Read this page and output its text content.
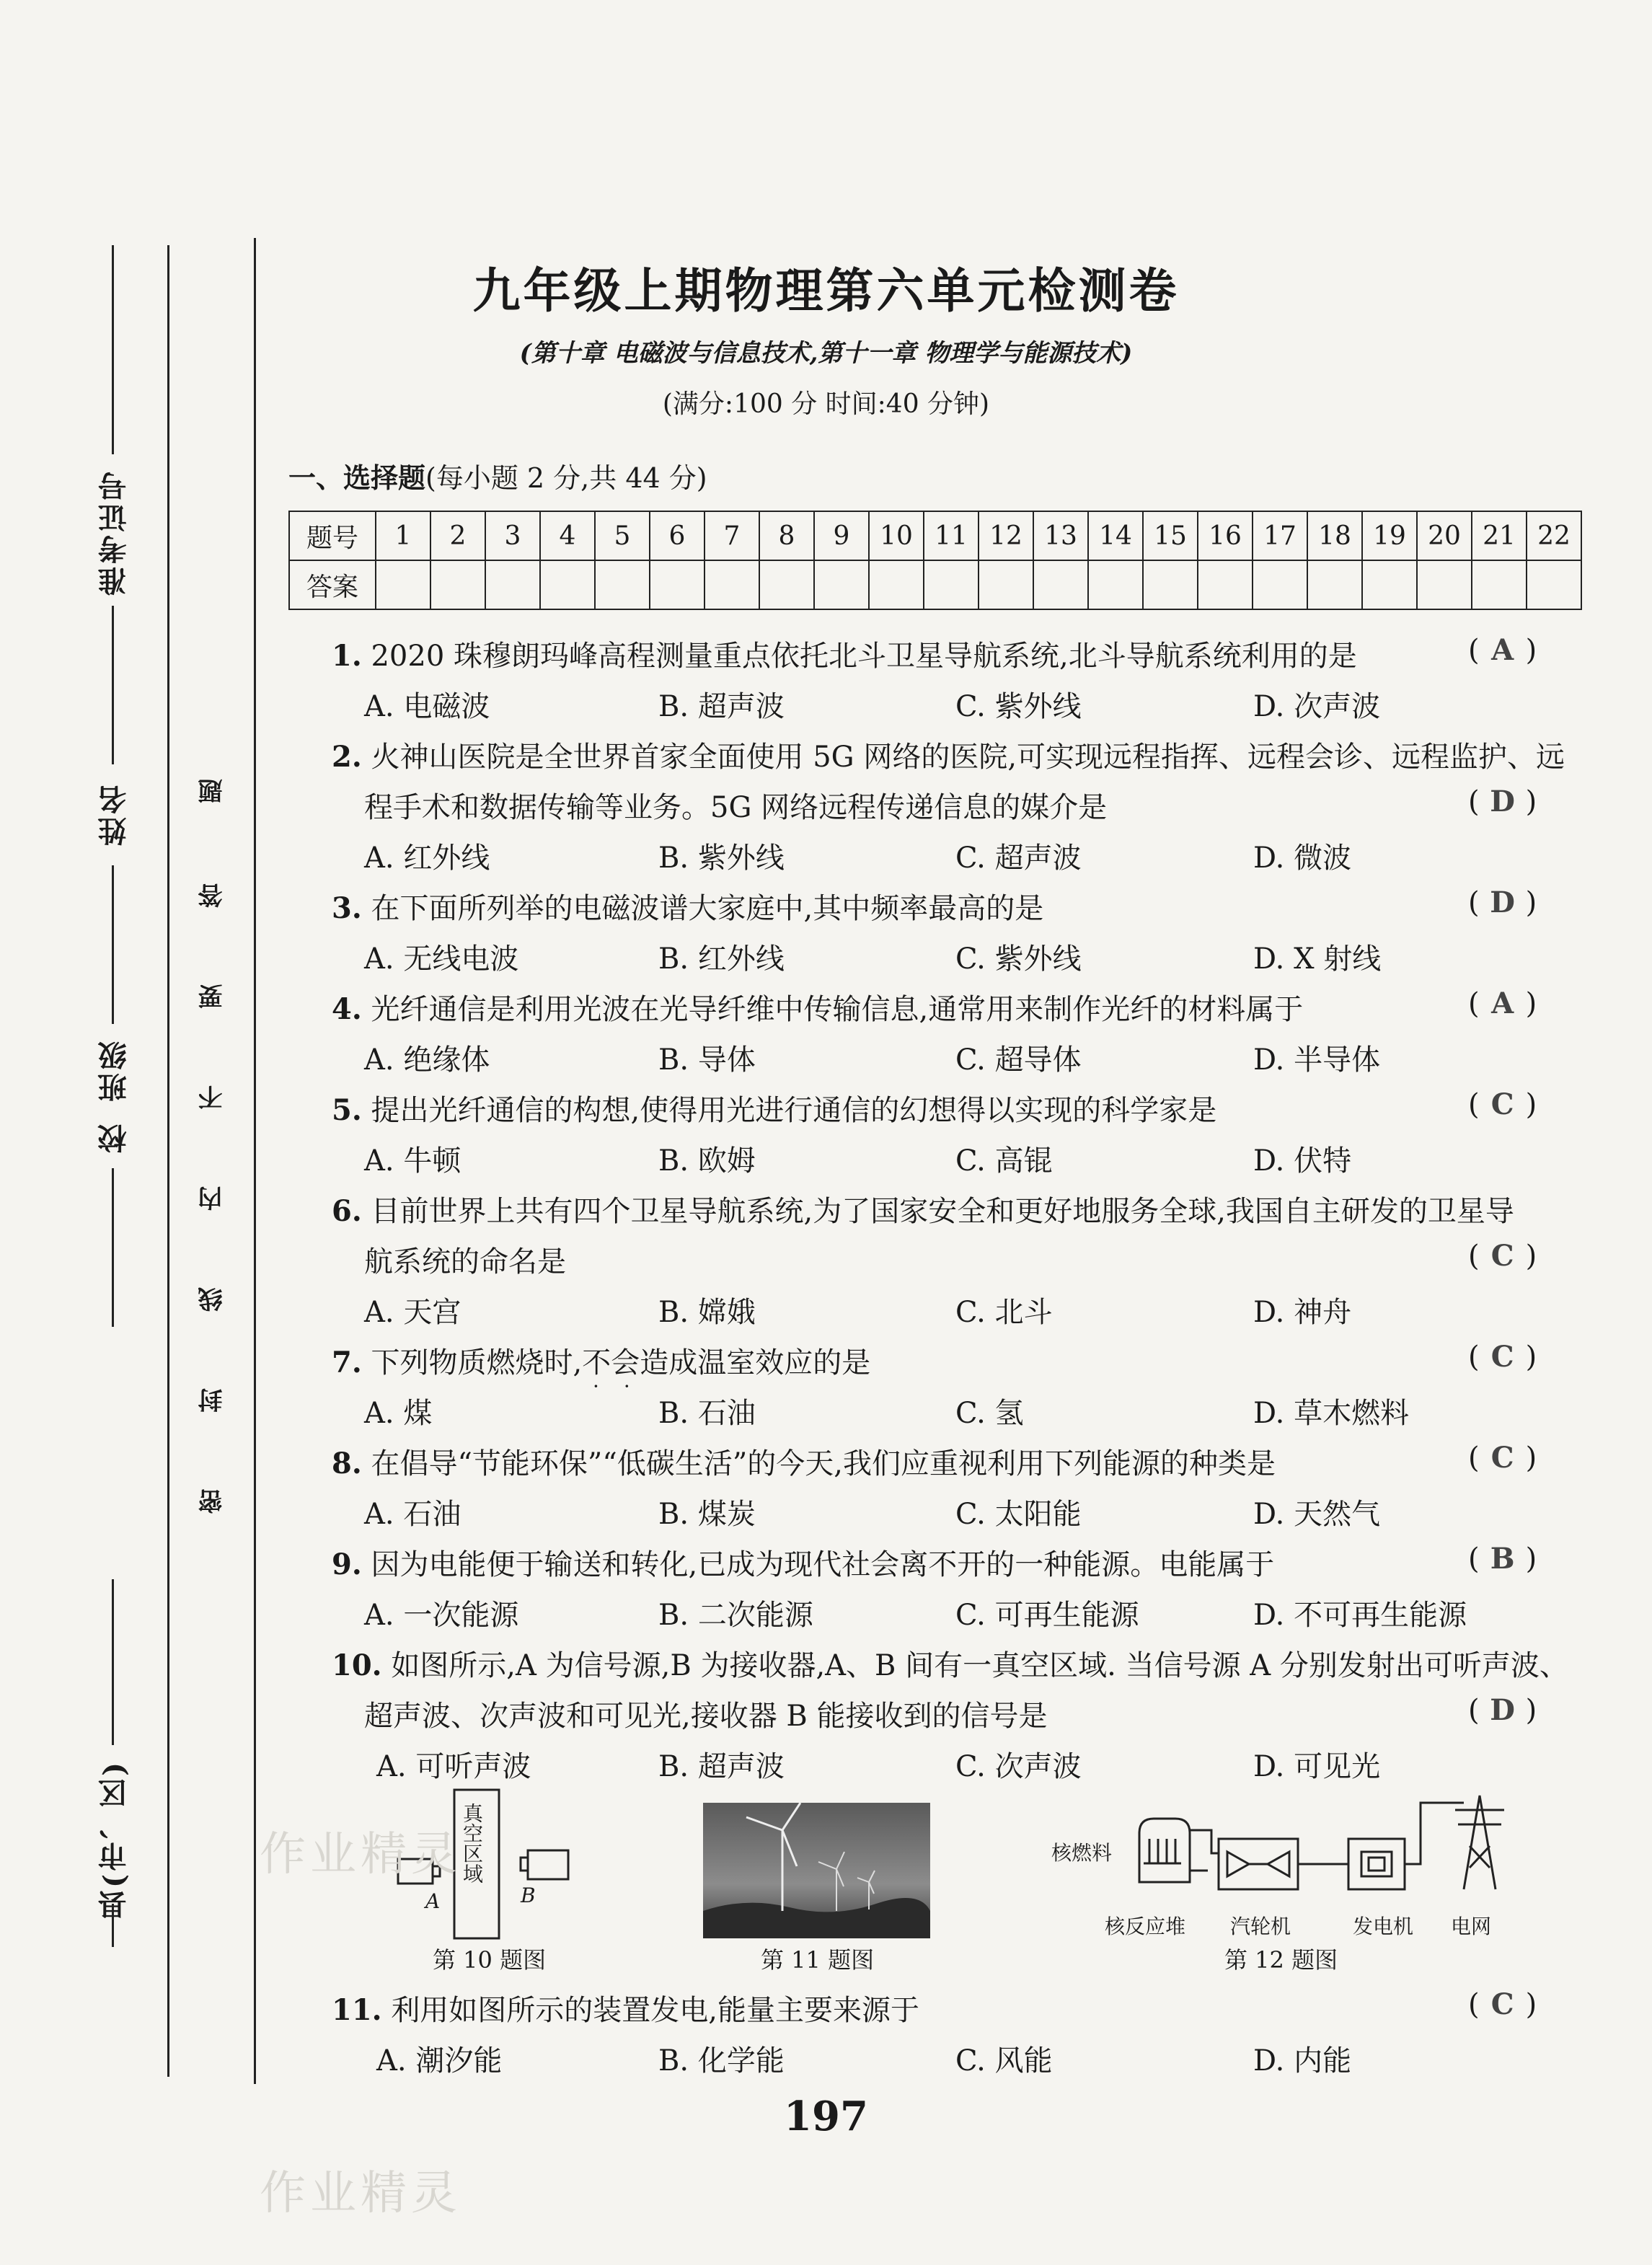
准考证号
姓名
班级
校
县(市、区)
题
答
要
不
内
线
封
密
九年级上期物理第六单元检测卷
(第十章 电磁波与信息技术,第十一章 物理学与能源技术)
(满分:100 分 时间:40 分钟)
一、选择题(每小题 2 分,共 44 分)
题号	1	2	3	4	5	6	7	8	9	10	11	12	13	14	15	16	17	18	19	20	21	22
答案																						
1. 2020 珠穆朗玛峰高程测量重点依托北斗卫星导航系统,北斗导航系统利用的是	( A )
A. 电磁波	B. 超声波	C. 紫外线	D. 次声波
2. 火神山医院是全世界首家全面使用 5G 网络的医院,可实现远程指挥、远程会诊、远程监护、远
程手术和数据传输等业务。5G 网络远程传递信息的媒介是	( D )
A. 红外线	B. 紫外线	C. 超声波	D. 微波
3. 在下面所列举的电磁波谱大家庭中,其中频率最高的是	( D )
A. 无线电波	B. 红外线	C. 紫外线	D. X 射线
4. 光纤通信是利用光波在光导纤维中传输信息,通常用来制作光纤的材料属于	( A )
A. 绝缘体	B. 导体	C. 超导体	D. 半导体
5. 提出光纤通信的构想,使得用光进行通信的幻想得以实现的科学家是	( C )
A. 牛顿	B. 欧姆	C. 高锟	D. 伏特
6. 目前世界上共有四个卫星导航系统,为了国家安全和更好地服务全球,我国自主研发的卫星导
航系统的命名是	( C )
A. 天宫	B. 嫦娥	C. 北斗	D. 神舟
7. 下列物质燃烧时,不会造成温室效应的是
··
( C )
A. 煤	B. 石油	C. 氢	D. 草木燃料
8. 在倡导“节能环保”“低碳生活”的今天,我们应重视利用下列能源的种类是	( C )
A. 石油	B. 煤炭	C. 太阳能	D. 天然气
9. 因为电能便于输送和转化,已成为现代社会离不开的一种能源。电能属于	( B )
A. 一次能源	B. 二次能源	C. 可再生能源	D. 不可再生能源
10. 如图所示,A 为信号源,B 为接收器,A、B 间有一真空区域. 当信号源 A 分别发射出可听声波、
超声波、次声波和可见光,接收器 B 能接收到的信号是	( D )
A. 可听声波	B. 超声波	C. 次声波	D. 可见光
真空区域
A	B
第 10 题图	第 11 题图
核燃料
核反应堆 汽轮机	发电机 电网
第 12 题图
11. 利用如图所示的装置发电,能量主要来源于	( C )
A. 潮汐能	B. 化学能	C. 风能	D. 内能
197
作业精灵
作业精灵
